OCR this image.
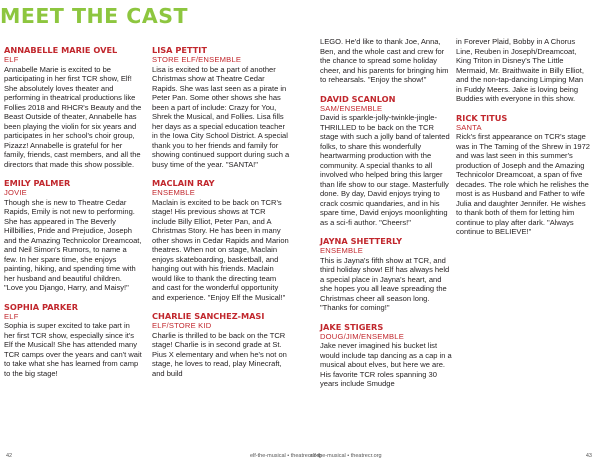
MEET THE CAST
ANNABELLE MARIE OVEL
ELF
Annabelle Marie is excited to be participating in her first TCR show, Elf! She absolutely loves theater and performing in theatrical productions like Follies 2018 and RHCR's Beauty and the Beast Outside of theater, Annabelle has been playing the violin for six years and participates in her school's choir group, Pizazz! Annabelle is grateful for her family, friends, cast members, and all the directors that made this show possible.
EMILY PALMER
JOVIE
Though she is new to Theatre Cedar Rapids, Emily is not new to performing. She has appeared in The Beverly Hillbillies, Pride and Prejudice, Joseph and the Amazing Technicolor Dreamcoat, and Neil Simon's Rumors, to name a few. In her spare time, she enjoys painting, hiking, and spending time with her husband and beautiful children. "Love you Django, Harry, and Maisy!"
SOPHIA PARKER
ELF
Sophia is super excited to take part in her first TCR show, especially since it's Elf the Musical! She has attended many TCR camps over the years and can't wait to take what she has learned from camp to the big stage!
LISA PETTIT
STORE ELF/ENSEMBLE
Lisa is excited to be a part of another Christmas show at Theatre Cedar Rapids. She was last seen as a pirate in Peter Pan. Some other shows she has been a part of include: Crazy for You, Shrek the Musical, and Follies. Lisa fills her days as a special education teacher in the Iowa City School District. A special thank you to her friends and family for showing continued support during such a busy time of the year. "SANTA!"
MACLAIN RAY
ENSEMBLE
Maclain is excited to be back on TCR's stage! His previous shows at TCR include Billy Elliot, Peter Pan, and A Christmas Story. He has been in many other shows in Cedar Rapids and Marion theatres. When not on stage, Maclain enjoys skateboarding, basketball, and hanging out with his friends. Maclain would like to thank the directing team and cast for the wonderful opportunity and experience. "Enjoy Elf the Musical!"
CHARLIE SANCHEZ-MASI
ELF/STORE KID
Charlie is thrilled to be back on the TCR stage! Charlie is in second grade at St. Pius X elementary and when he's not on stage, he loves to read, play Minecraft, and build
LEGO. He'd like to thank Joe, Anna, Ben, and the whole cast and crew for the chance to spread some holiday cheer, and his parents for bringing him to rehearsals. "Enjoy the show!"
DAVID SCANLON
SAM/ENSEMBLE
David is sparkle-jolly-twinkle-jingle-THRILLED to be back on the TCR stage with such a jolly band of talented folks, to share this wonderfully heartwarming production with the community. A special thanks to all involved who helped bring this larger than life show to our stage. Masterfully done. By day, David enjoys trying to crack cosmic quandaries, and in his spare time, David enjoys moonlighting as a sci-fi author. "Cheers!"
JAYNA SHETTERLY
ENSEMBLE
This is Jayna's fifth show at TCR, and third holiday show! Elf has always held a special place in Jayna's heart, and she hopes you all leave spreading the Christmas cheer all season long. "Thanks for coming!"
JAKE STIGERS
DOUG/JIM/ENSEMBLE
Jake never imagined his bucket list would include tap dancing as a cap in a musical about elves, but here we are. His favorite TCR roles spanning 30 years include Smudge
in Forever Plaid, Bobby in A Chorus Line, Reuben in Joseph/Dreamcoat, King Triton in Disney's The Little Mermaid, Mr. Braithwaite in Billy Elliot, and the non-tap-dancing Limping Man in Fuddy Meers. Jake is loving being Buddies with everyone in this show.
RICK TITUS
SANTA
Rick's first appearance on TCR's stage was in The Taming of the Shrew in 1972 and was last seen in this summer's production of Joseph and the Amazing Technicolor Dreamcoat, a span of five decades. The role which he relishes the most is as Husband and Father to wife Julia and daughter Jennifer. He wishes to thank both of them for letting him continue to play after dark. "Always continue to BELIEVE!"
42	elf-the-musical • theatrecr.org
elf-the-musical • theatrecr.org	43
